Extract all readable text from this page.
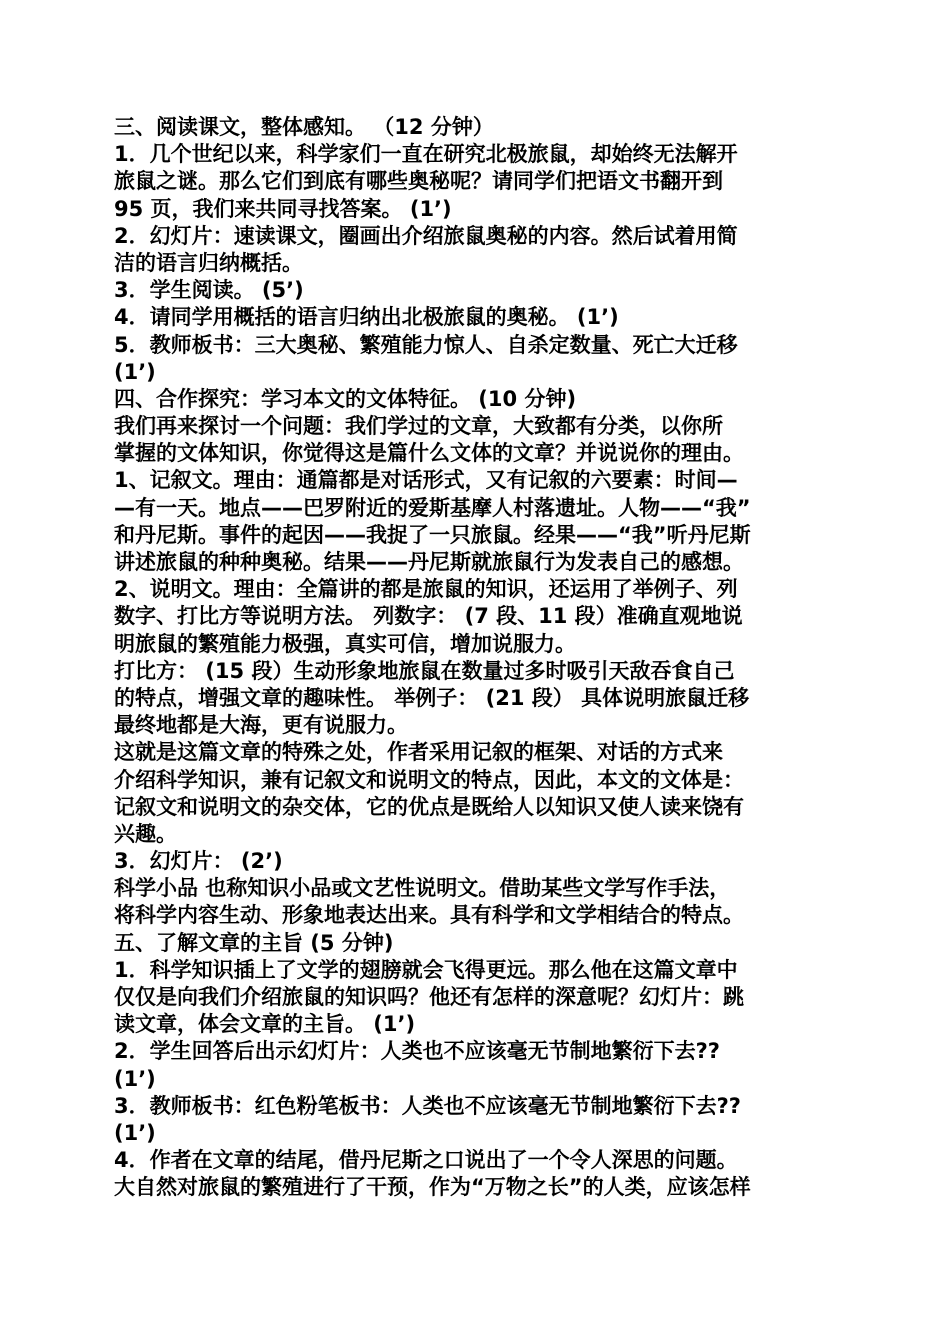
三、阅读课文，整体感知。 （12 分钟）
1．几个世纪以来，科学家们一直在研究北极旅鼠，却始终无法解开
旅鼠之谜。那么它们到底有哪些奥秘呢？请同学们把语文书翻开到
95 页，我们来共同寻找答案。 (1’)
2．幻灯片：速读课文，圈画出介绍旅鼠奥秘的内容。然后试着用简
洁的语言归纳概括。
3．学生阅读。 (5’)
4．请同学用概括的语言归纳出北极旅鼠的奥秘。 (1’)
5．教师板书：三大奥秘、繁殖能力惊人、自杀定数量、死亡大迁移
(1’)
四、合作探究：学习本文的文体特征。 (10 分钟)
我们再来探讨一个问题：我们学过的文章，大致都有分类，以你所
掌握的文体知识，你觉得这是篇什么文体的文章？并说说你的理由。
1、记叙文。理由：通篇都是对话形式，又有记叙的六要素：时间—
—有一天。地点——巴罗附近的爱斯基摩人村落遗址。人物——“我”
和丹尼斯。事件的起因——我捉了一只旅鼠。经果——“我”听丹尼斯
讲述旅鼠的种种奥秘。结果——丹尼斯就旅鼠行为发表自己的感想。
2、说明文。理由：全篇讲的都是旅鼠的知识，还运用了举例子、列
数字、打比方等说明方法。 列数字： (7 段、11 段）准确直观地说
明旅鼠的繁殖能力极强，真实可信，增加说服力。
打比方： (15 段）生动形象地旅鼠在数量过多时吸引天敌吞食自己
的特点，增强文章的趣味性。 举例子： (21 段） 具体说明旅鼠迁移
最终地都是大海，更有说服力。
这就是这篇文章的特殊之处，作者采用记叙的框架、对话的方式来
介绍科学知识，兼有记叙文和说明文的特点，因此，本文的文体是：
记叙文和说明文的杂交体，它的优点是既给人以知识又使人读来饶有
兴趣。
3．幻灯片： (2’)
科学小品 也称知识小品或文艺性说明文。借助某些文学写作手法，
将科学内容生动、形象地表达出来。具有科学和文学相结合的特点。
五、了解文章的主旨 (5 分钟)
1．科学知识插上了文学的翅膀就会飞得更远。那么他在这篇文章中
仅仅是向我们介绍旅鼠的知识吗？他还有怎样的深意呢？幻灯片：跳
读文章，体会文章的主旨。 (1’)
2．学生回答后出示幻灯片：人类也不应该毫无节制地繁衍下去??
(1’)
3．教师板书：红色粉笔板书：人类也不应该毫无节制地繁衍下去??
(1’)
4．作者在文章的结尾，借丹尼斯之口说出了一个令人深思的问题。
大自然对旅鼠的繁殖进行了干预，作为“万物之长”的人类，应该怎样
